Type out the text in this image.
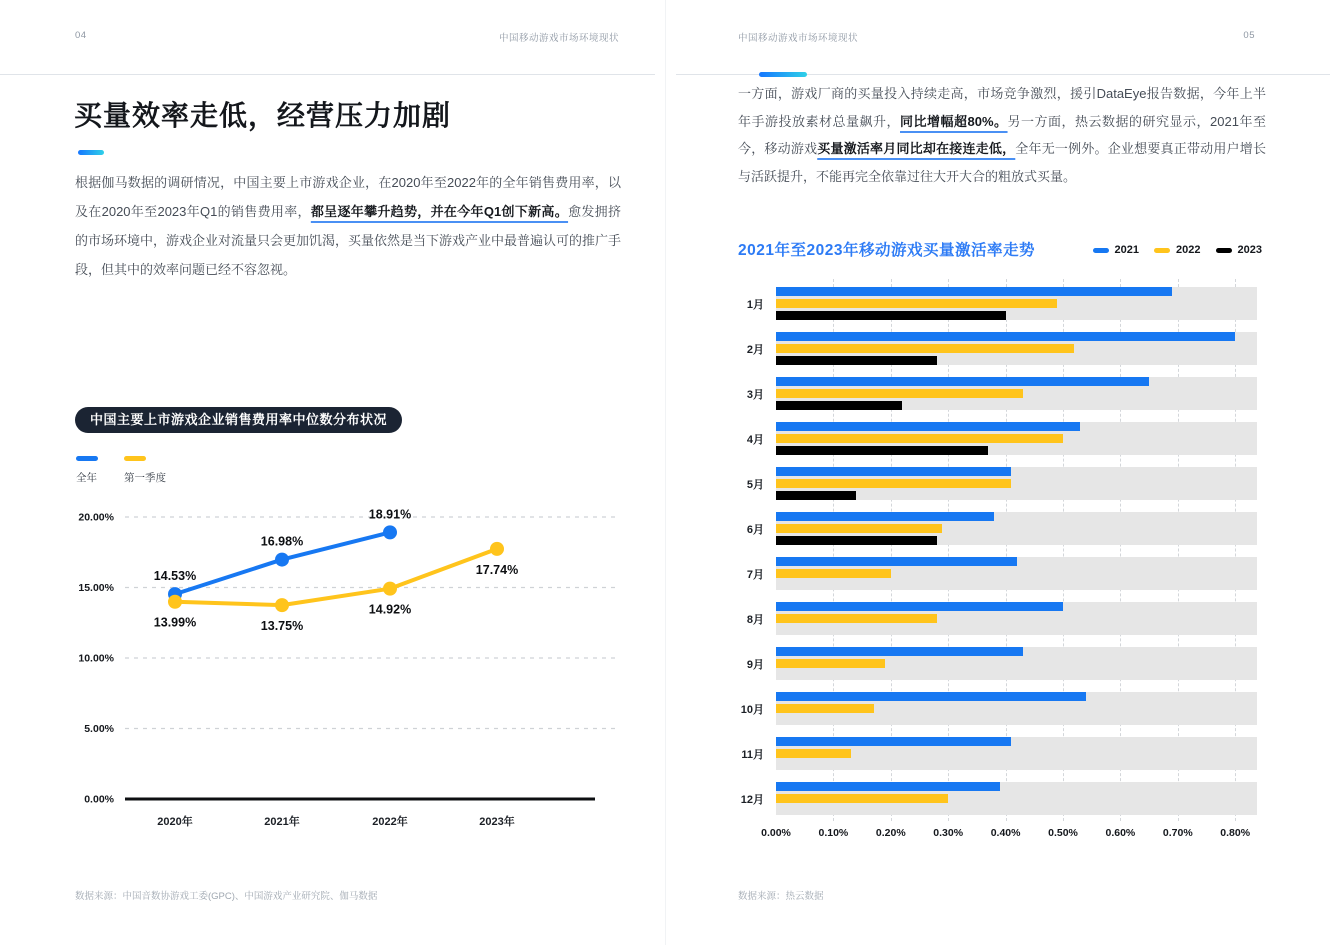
04	中国移动游戏市场环境现状
买量效率走低，经营压力加剧

根据伽马数据的调研情况，中国主要上市游戏企业，在2020年至2022年的全年销售费用率，以及在2020年至2023年Q1的销售费用率，都呈逐年攀升趋势，并在今年Q1创下新高。愈发拥挤的市场环境中，游戏企业对流量只会更加饥渴，买量依然是当下游戏产业中最普遍认可的推广手段，但其中的效率问题已经不容忽视。

中国主要上市游戏企业销售费用率中位数分布状况
全年	第一季度
0.00%
5.00%
10.00%
15.00%
20.00%
2020年	2021年	2022年	2023年
14.53%
16.98%
18.91%
13.99%	13.75%
14.92%
17.74%
数据来源：中国音数协游戏工委(GPC)、中国游戏产业研究院、伽马数据
中国移动游戏市场环境现状	05

一方面，游戏厂商的买量投入持续走高，市场竞争激烈，援引DataEye报告数据，今年上半年手游投放素材总量飙升，同比增幅超80%。另一方面，热云数据的研究显示，2021年至今，移动游戏买量激活率月同比却在接连走低，全年无一例外。企业想要真正带动用户增长与活跃提升，不能再完全依靠过往大开大合的粗放式买量。

2021年至2023年移动游戏买量激活率走势	2021	2022	2023
1月
2月
3月
4月
5月
6月
7月
8月
9月
10月
11月
12月
0.00%	0.10%	0.20%	0.30%	0.40%	0.50%	0.60%	0.70%	0.80%
数据来源：热云数据
